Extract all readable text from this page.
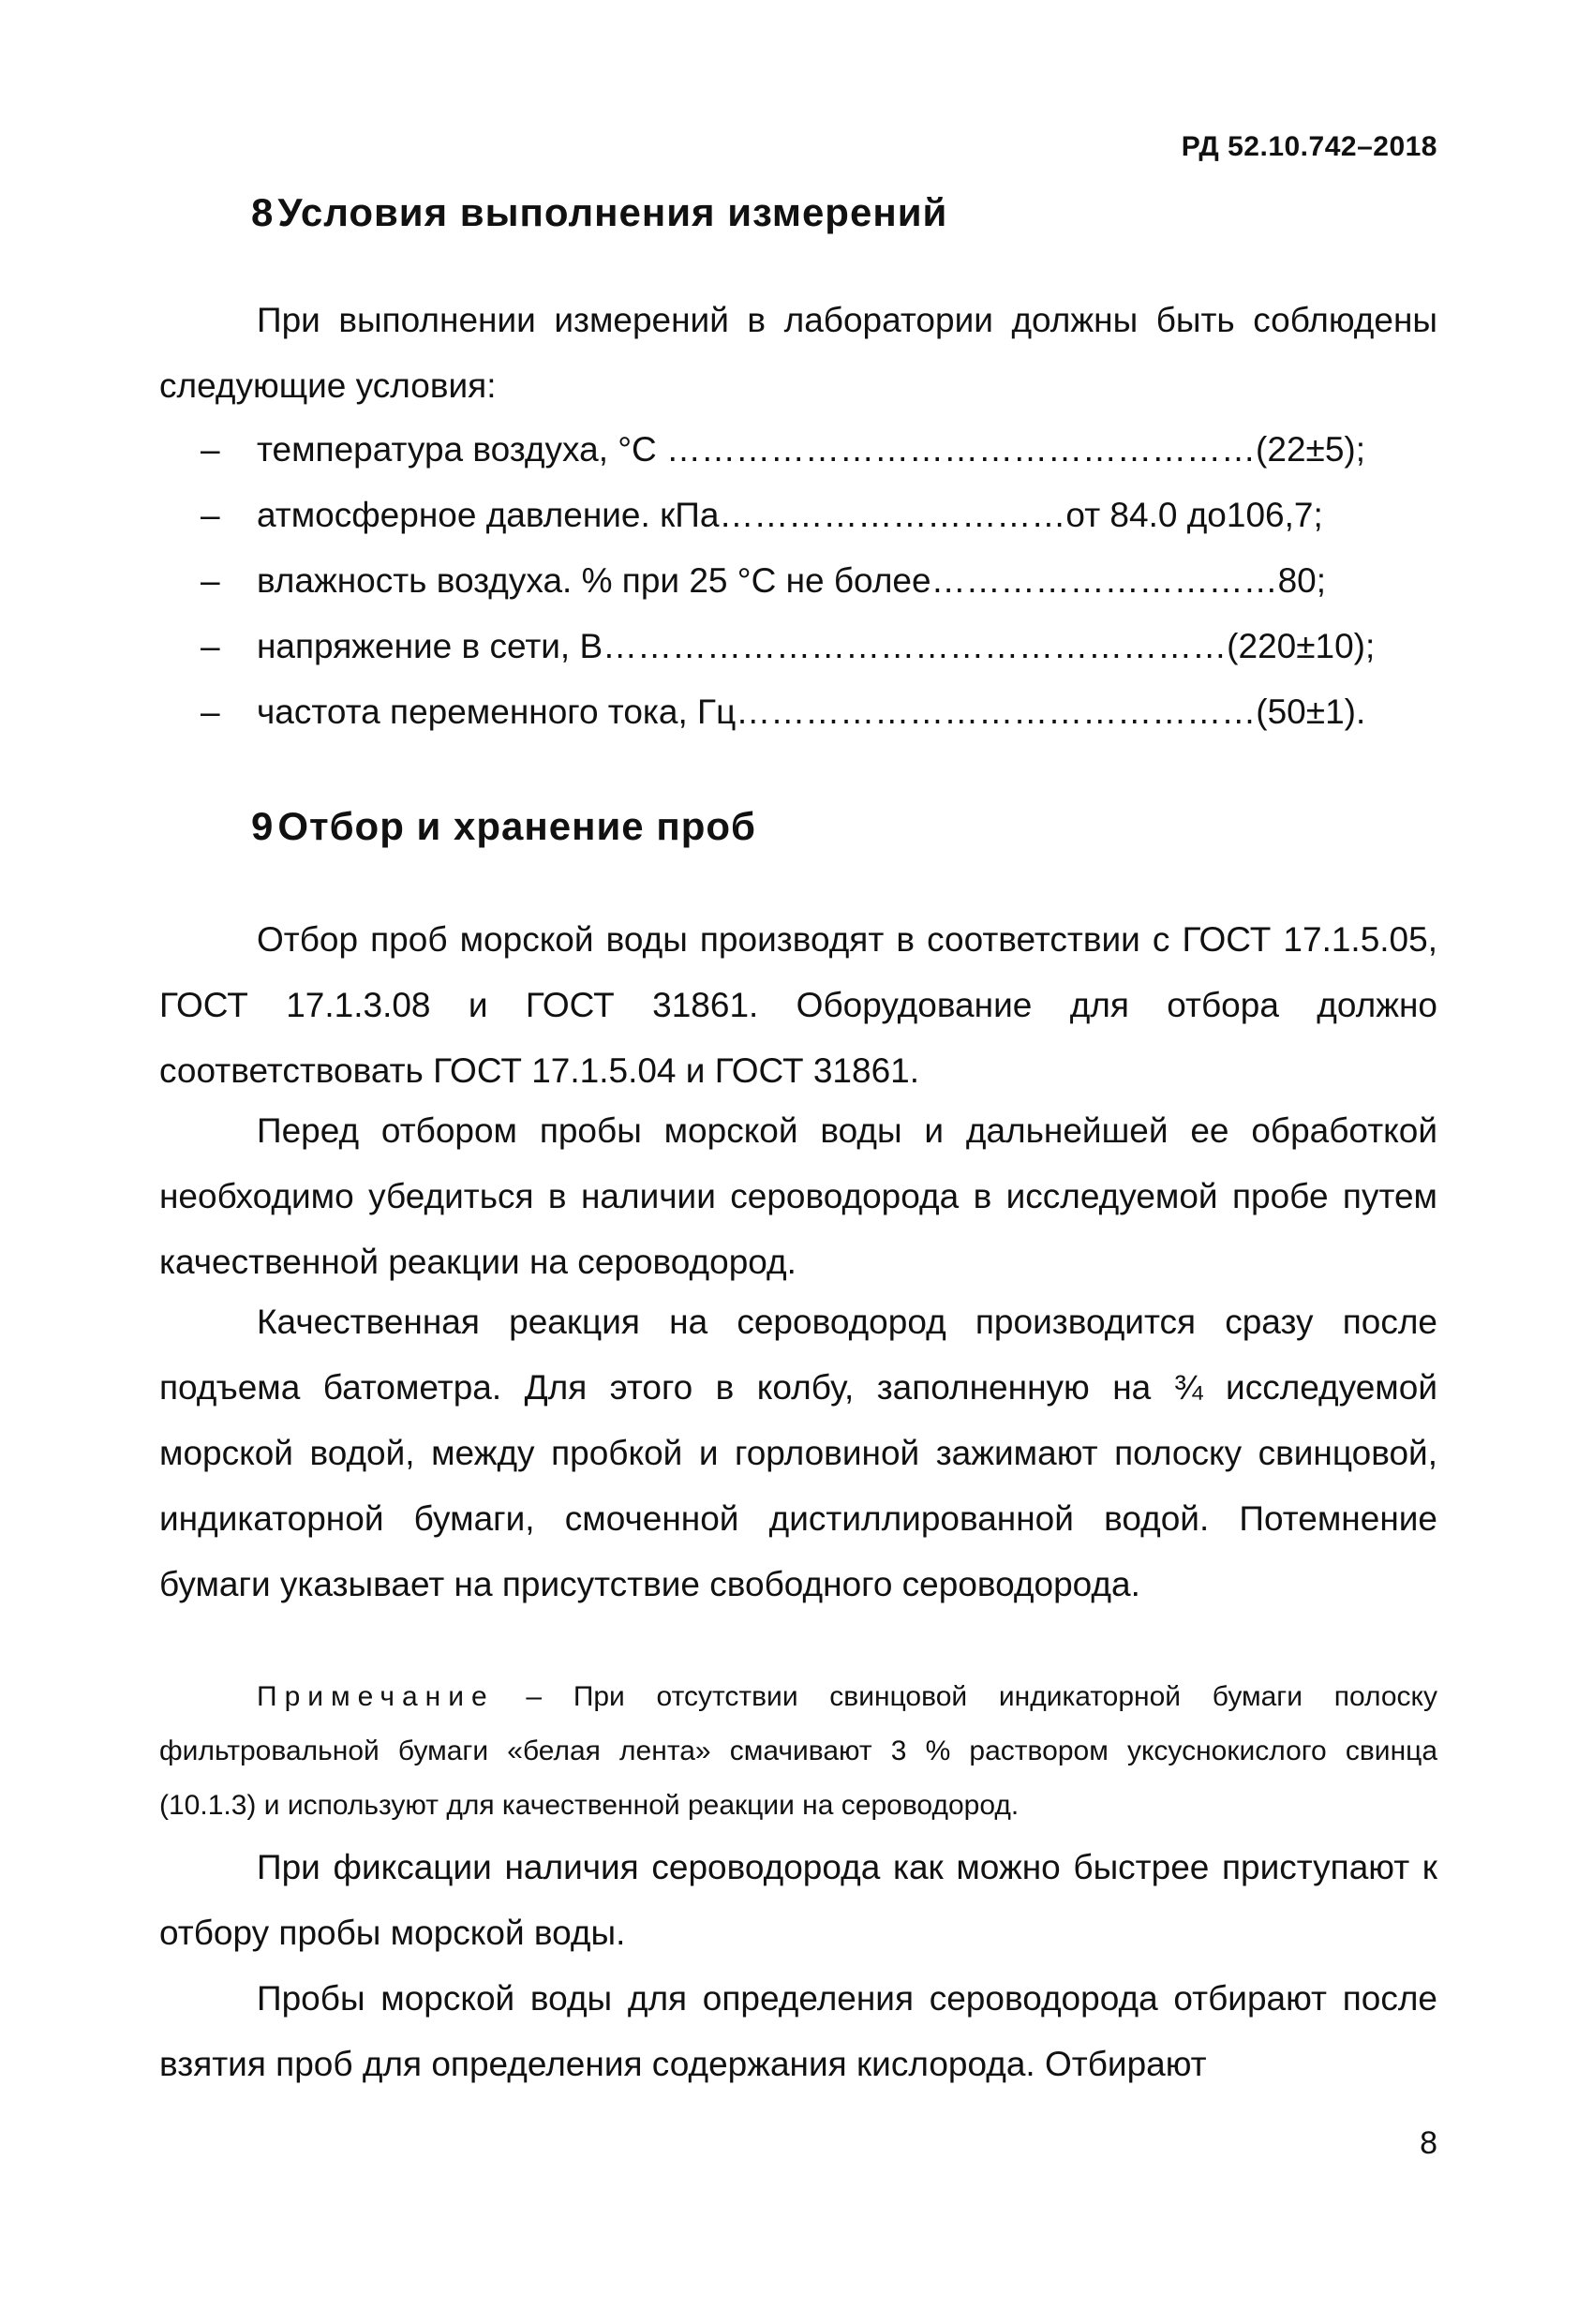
РД 52.10.742–2018
8Условия выполнения измерений
При выполнении измерений в лаборатории должны быть соблюдены следующие условия:
– температура воздуха, °С ……………………………………………(22±5);
– атмосферное давление. кПа…………………………от 84.0 до106,7;
– влажность воздуха. % при 25 °С не более…………………………80;
– напряжение в сети, В………………………………………………(220±10);
– частота переменного тока, Гц………………………………………(50±1).
9Отбор и хранение проб
Отбор проб морской воды производят в соответствии с ГОСТ 17.1.5.05, ГОСТ 17.1.3.08 и ГОСТ 31861. Оборудование для отбора должно соответствовать ГОСТ 17.1.5.04 и ГОСТ 31861.
Перед отбором пробы морской воды и дальнейшей ее обработкой необходимо убедиться в наличии сероводорода в исследуемой пробе путем качественной реакции на сероводород.
Качественная реакция на сероводород производится сразу после подъема батометра. Для этого в колбу, заполненную на ¾ исследуемой морской водой, между пробкой и горловиной зажимают полоску свинцовой, индикаторной бумаги, смоченной дистиллированной водой. Потемнение бумаги указывает на присутствие свободного сероводорода.
Примечание – При отсутствии свинцовой индикаторной бумаги полоску фильтровальной бумаги «белая лента» смачивают 3 % раствором уксуснокислого свинца (10.1.3) и используют для качественной реакции на сероводород.
При фиксации наличия сероводорода как можно быстрее приступают к отбору пробы морской воды.
Пробы морской воды для определения сероводорода отбирают после взятия проб для определения содержания кислорода. Отбирают
8
